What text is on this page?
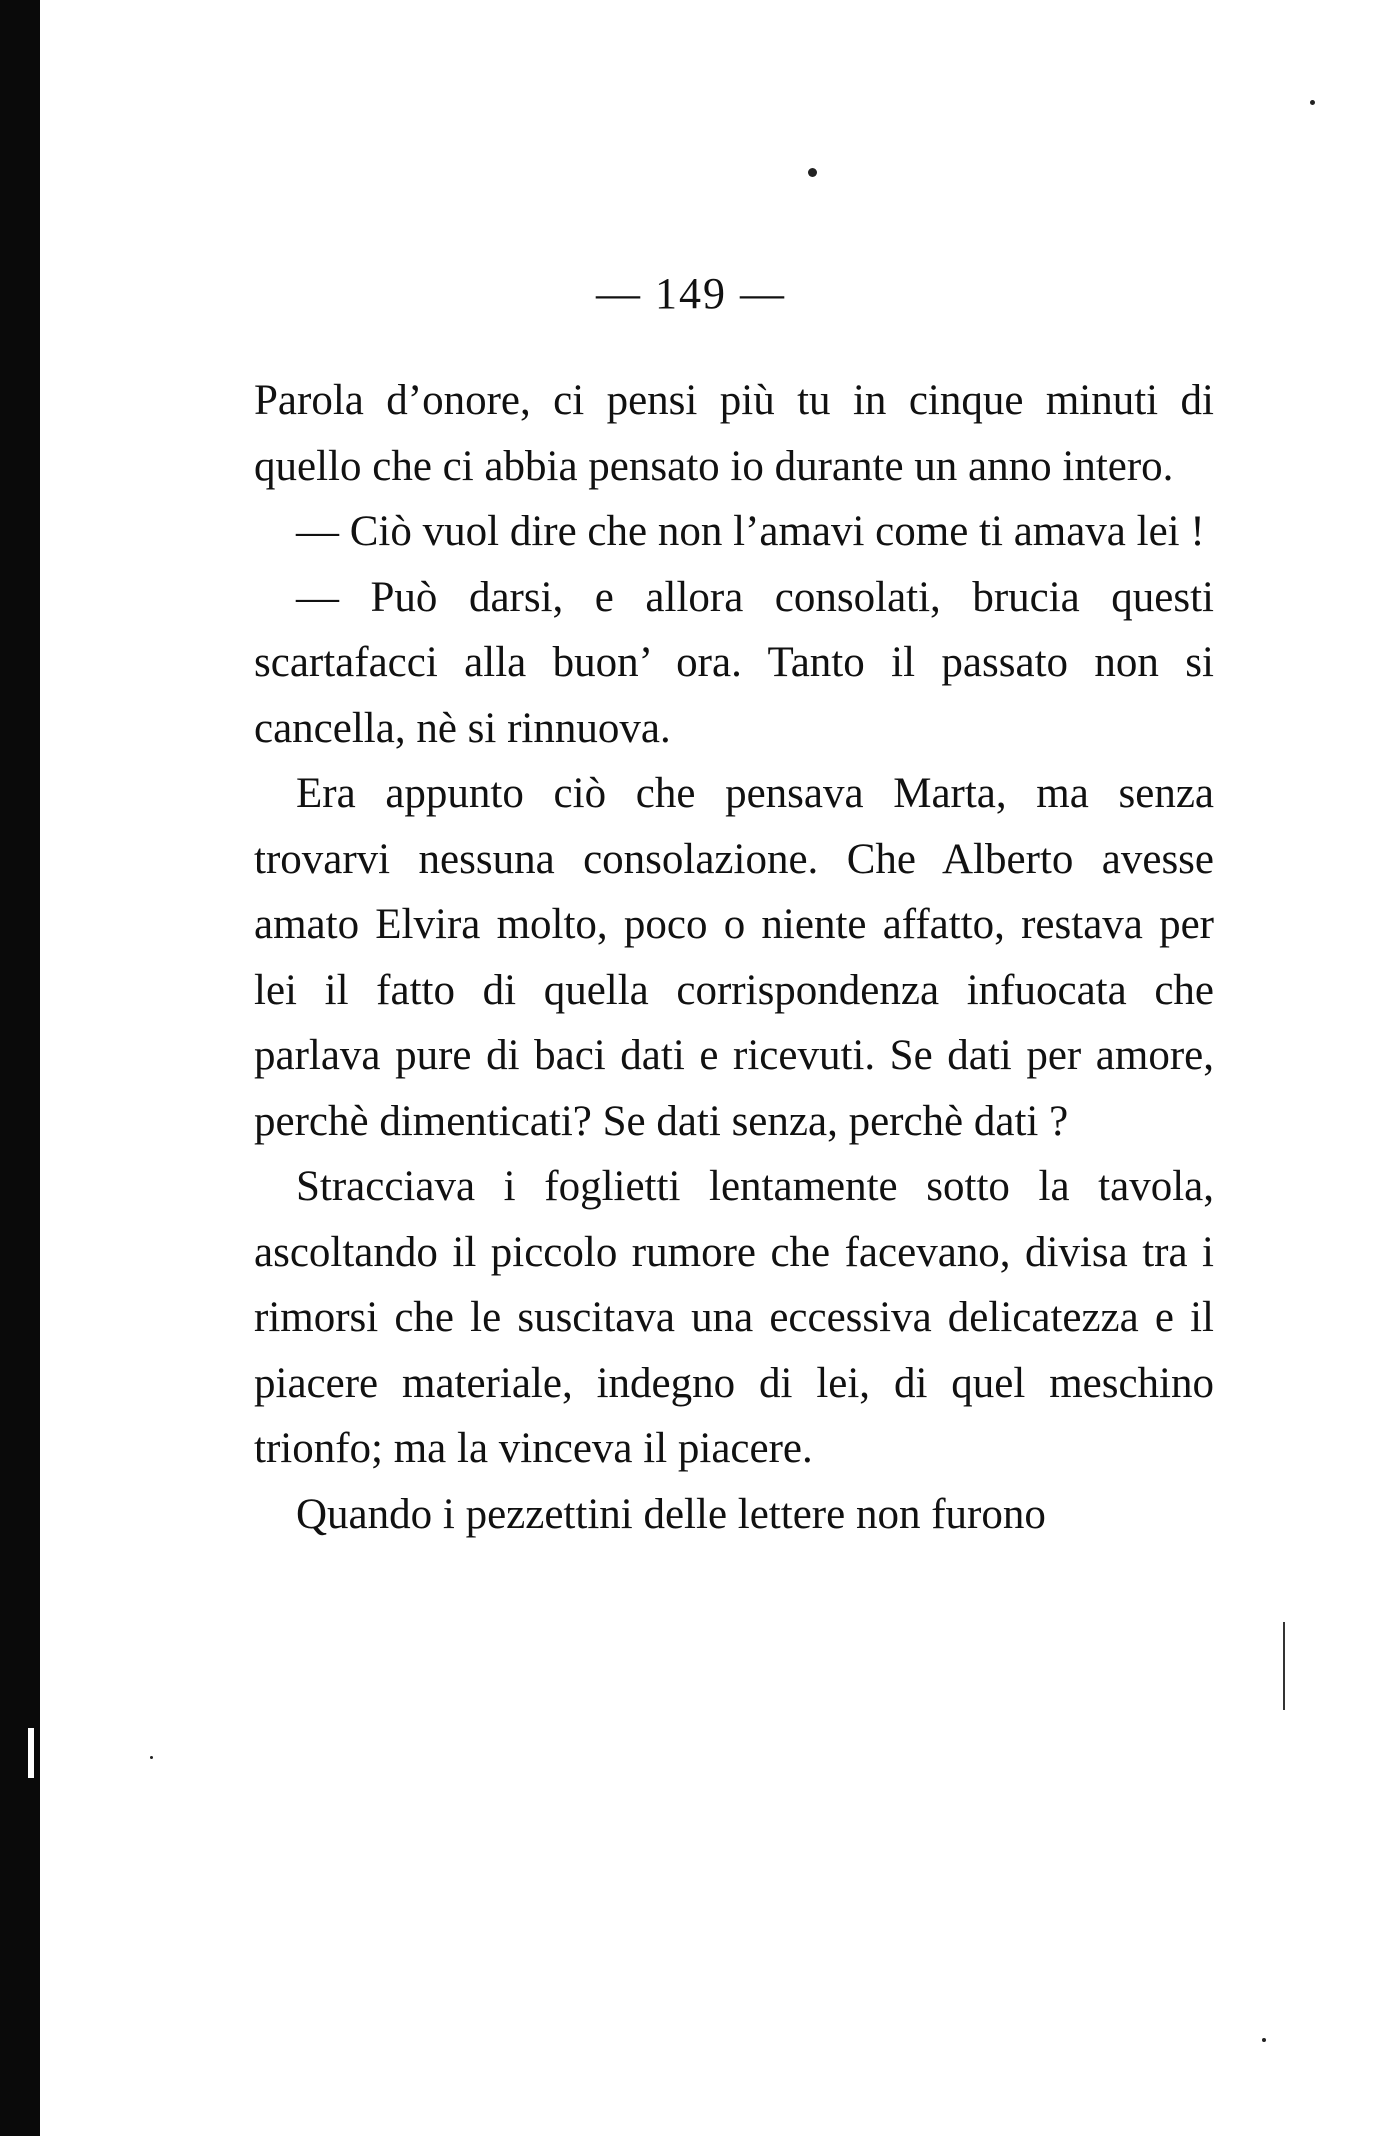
— 149 —

Parola d’onore, ci pensi più tu in cinque minuti di quello che ci abbia pensato io durante un anno intero.

— Ciò vuol dire che non l’amavi come ti amava lei !

— Può darsi, e allora consolati, brucia questi scartafacci alla buon’ ora. Tanto il passato non si cancella, nè si rinnuova.

Era appunto ciò che pensava Marta, ma senza trovarvi nessuna consolazione. Che Alberto avesse amato Elvira molto, poco o niente affatto, restava per lei il fatto di quella corrispondenza infuocata che parlava pure di baci dati e ricevuti. Se dati per amore, perchè dimenticati? Se dati senza, perchè dati ?

Stracciava i foglietti lentamente sotto la tavola, ascoltando il piccolo rumore che facevano, divisa tra i rimorsi che le suscitava una eccessiva delicatezza e il piacere materiale, indegno di lei, di quel meschino trionfo; ma la vinceva il piacere.

Quando i pezzettini delle lettere non furono
